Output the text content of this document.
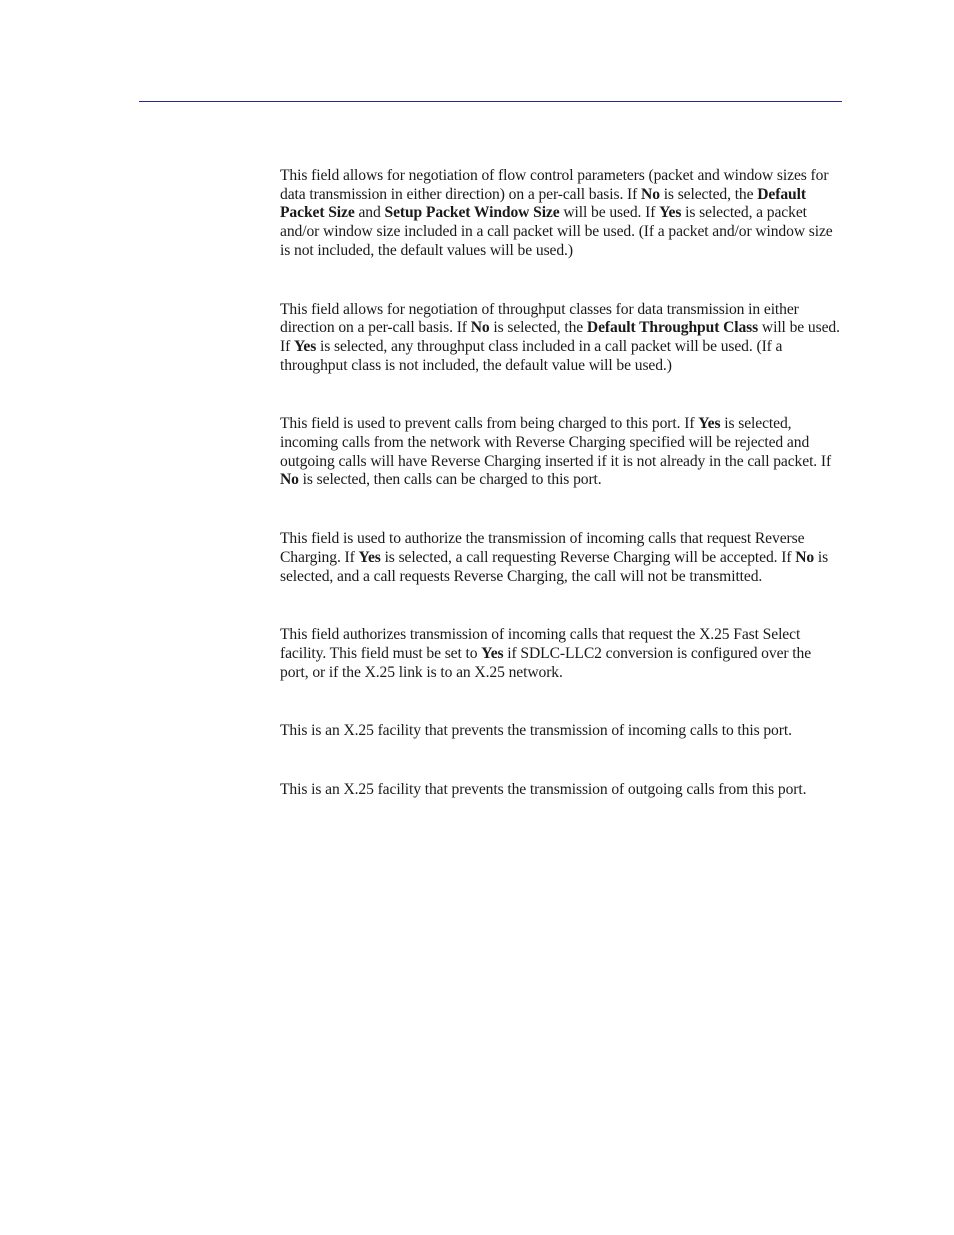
This field allows for negotiation of flow control parameters (packet and window sizes for data transmission in either direction) on a per-call basis. If No is selected, the Default Packet Size and Setup Packet Window Size will be used. If Yes is selected, a packet and/or window size included in a call packet will be used. (If a packet and/or window size is not included, the default values will be used.)

This field allows for negotiation of throughput classes for data transmission in either direction on a per-call basis. If No is selected, the Default Throughput Class will be used. If Yes is selected, any throughput class included in a call packet will be used. (If a throughput class is not included, the default value will be used.)

This field is used to prevent calls from being charged to this port. If Yes is selected, incoming calls from the network with Reverse Charging specified will be rejected and outgoing calls will have Reverse Charging inserted if it is not already in the call packet. If No is selected, then calls can be charged to this port.

This field is used to authorize the transmission of incoming calls that request Reverse Charging. If Yes is selected, a call requesting Reverse Charging will be accepted. If No is selected, and a call requests Reverse Charging, the call will not be transmitted.

This field authorizes transmission of incoming calls that request the X.25 Fast Select facility. This field must be set to Yes if SDLC-LLC2 conversion is configured over the port, or if the X.25 link is to an X.25 network.

This is an X.25 facility that prevents the transmission of incoming calls to this port.

This is an X.25 facility that prevents the transmission of outgoing calls from this port.
